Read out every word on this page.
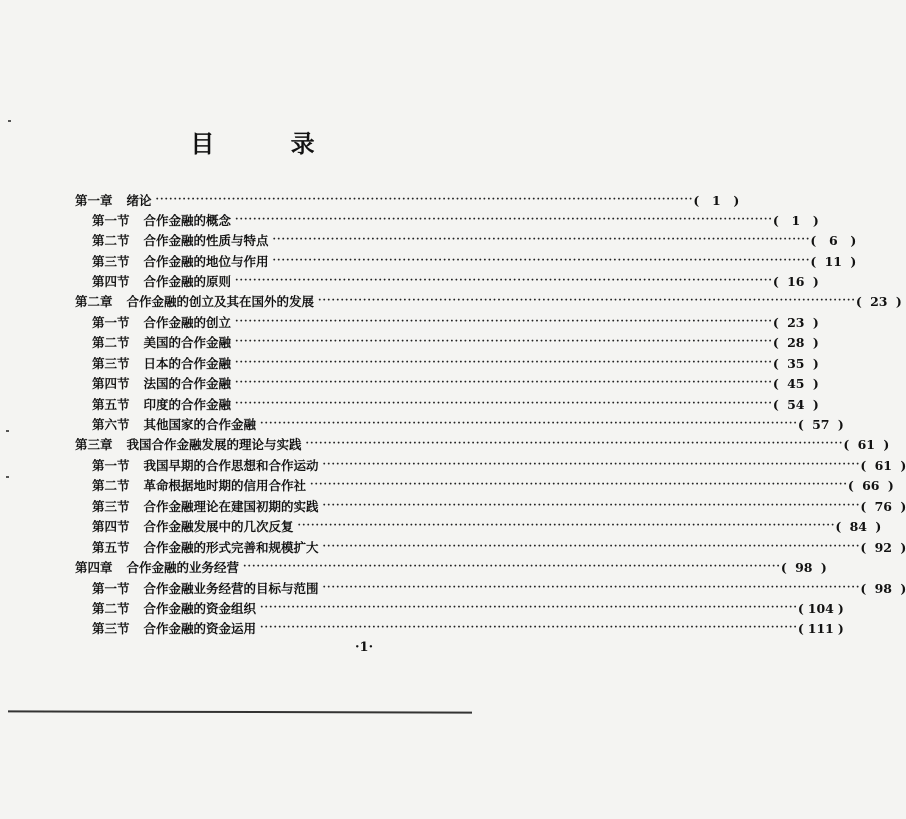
目 录
第一章 绪论 ························································································································ (	1	)
第一节 合作金融的概念 ························································································································ (	1	)
第二节 合作金融的性质与特点 ························································································································ (	6	)
第三节 合作金融的地位与作用 ························································································································ ( 11 )
第四节 合作金融的原则 ························································································································ ( 16 )
第二章 合作金融的创立及其在国外的发展 ························································································································ ( 23 )
第一节 合作金融的创立 ························································································································ ( 23 )
第二节 美国的合作金融 ························································································································ ( 28 )
第三节 日本的合作金融 ························································································································ ( 35 )
第四节 法国的合作金融 ························································································································ ( 45 )
第五节 印度的合作金融 ························································································································ ( 54 )
第六节 其他国家的合作金融 ························································································································ ( 57 )
第三章 我国合作金融发展的理论与实践 ························································································································ ( 61 )
第一节 我国早期的合作思想和合作运动 ························································································································ ( 61 )
第二节 革命根据地时期的信用合作社 ························································································································ ( 66 )
第三节 合作金融理论在建国初期的实践 ························································································································ ( 76 )
第四节 合作金融发展中的几次反复 ························································································································ ( 84 )
第五节 合作金融的形式完善和规模扩大 ························································································································ ( 92 )
第四章 合作金融的业务经营 ························································································································ ( 98 )
第一节 合作金融业务经营的目标与范围 ························································································································ ( 98 )
第二节 合作金融的资金组织 ························································································································ ( 104 )
第三节 合作金融的资金运用 ························································································································ ( 111 )
·1·
